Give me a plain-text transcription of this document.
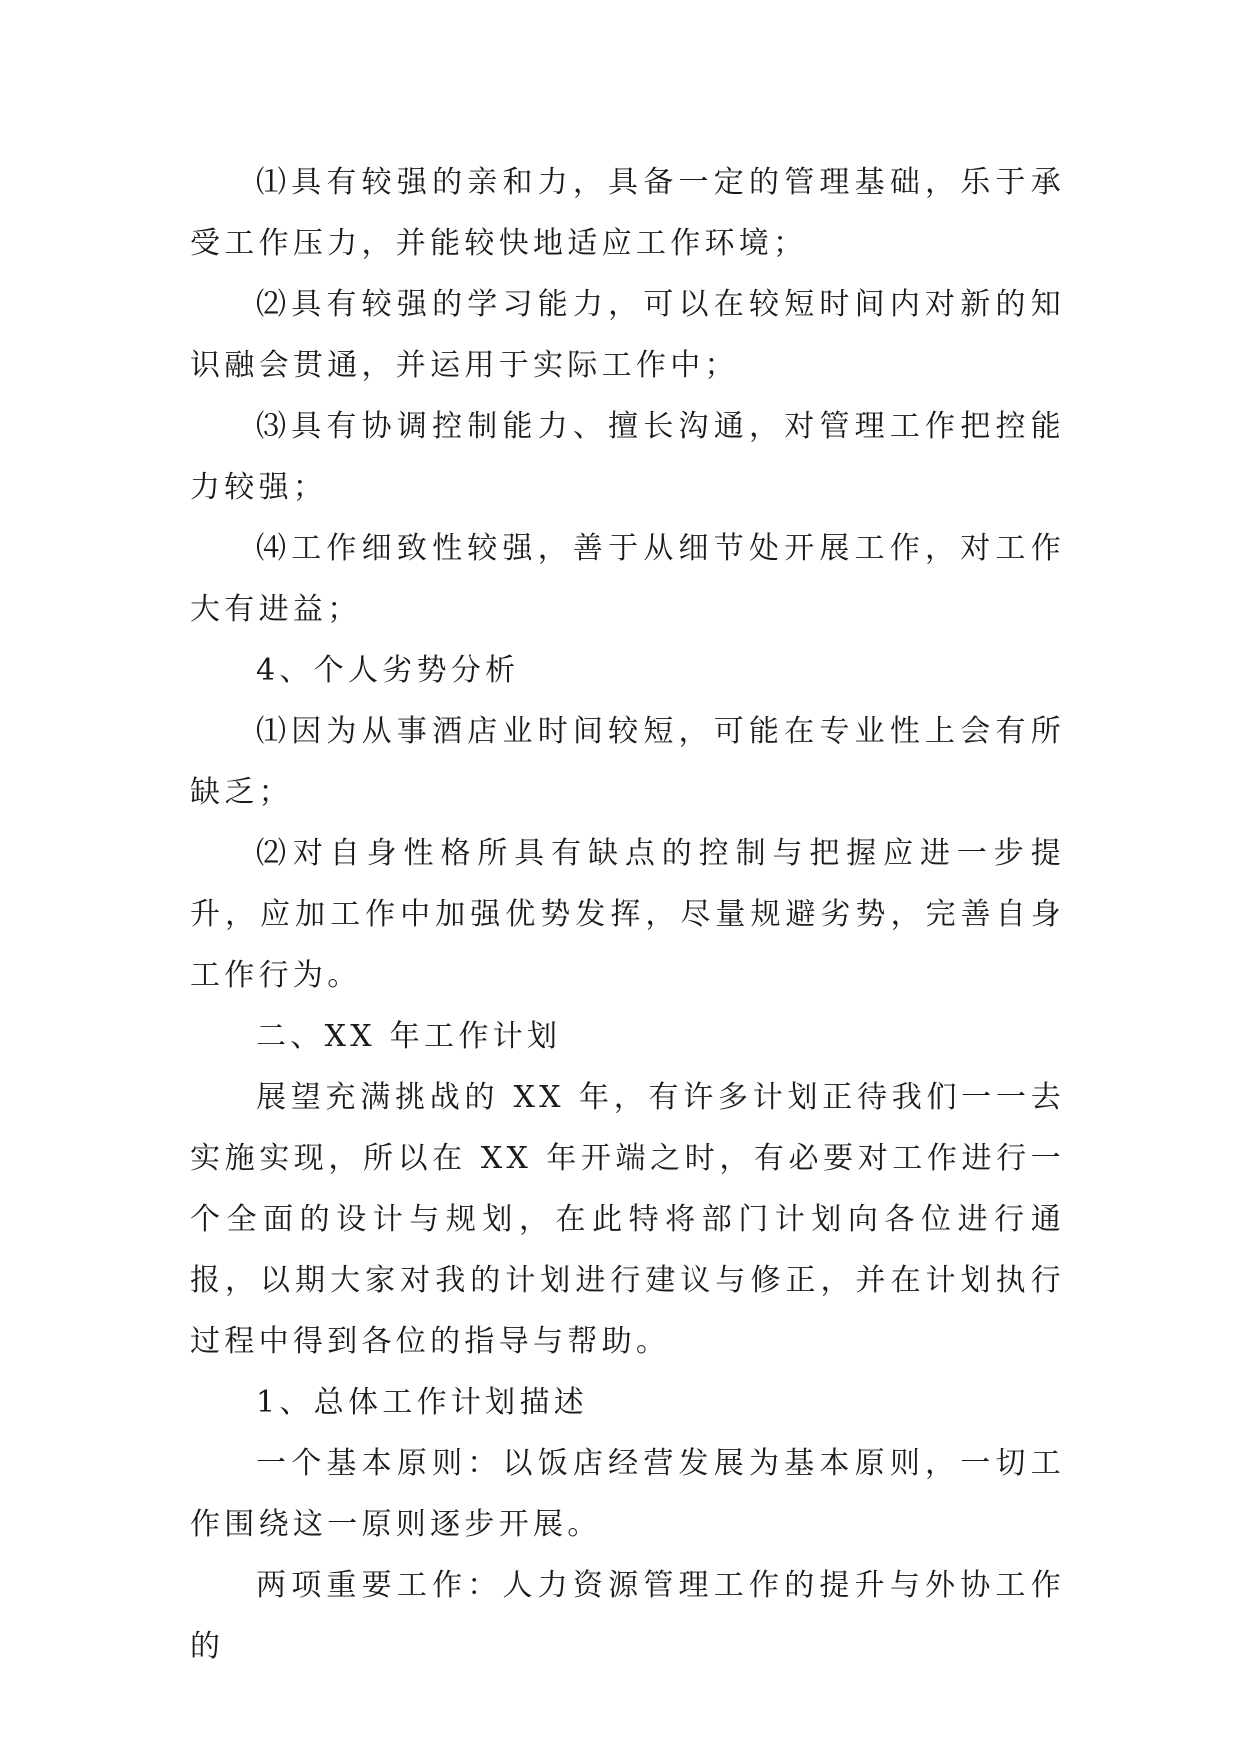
⑴具有较强的亲和力，具备一定的管理基础，乐于承受工作压力，并能较快地适应工作环境；

⑵具有较强的学习能力，可以在较短时间内对新的知识融会贯通，并运用于实际工作中；

⑶具有协调控制能力、擅长沟通，对管理工作把控能力较强；

⑷工作细致性较强，善于从细节处开展工作，对工作大有进益；

4、个人劣势分析

⑴因为从事酒店业时间较短，可能在专业性上会有所缺乏；

⑵对自身性格所具有缺点的控制与把握应进一步提升，应加工作中加强优势发挥，尽量规避劣势，完善自身工作行为。

二、XX 年工作计划

展望充满挑战的 XX 年，有许多计划正待我们一一去实施实现，所以在 XX 年开端之时，有必要对工作进行一个全面的设计与规划，在此特将部门计划向各位进行通报，以期大家对我的计划进行建议与修正，并在计划执行过程中得到各位的指导与帮助。

1、总体工作计划描述

一个基本原则：以饭店经营发展为基本原则，一切工作围绕这一原则逐步开展。

两项重要工作：人力资源管理工作的提升与外协工作的
